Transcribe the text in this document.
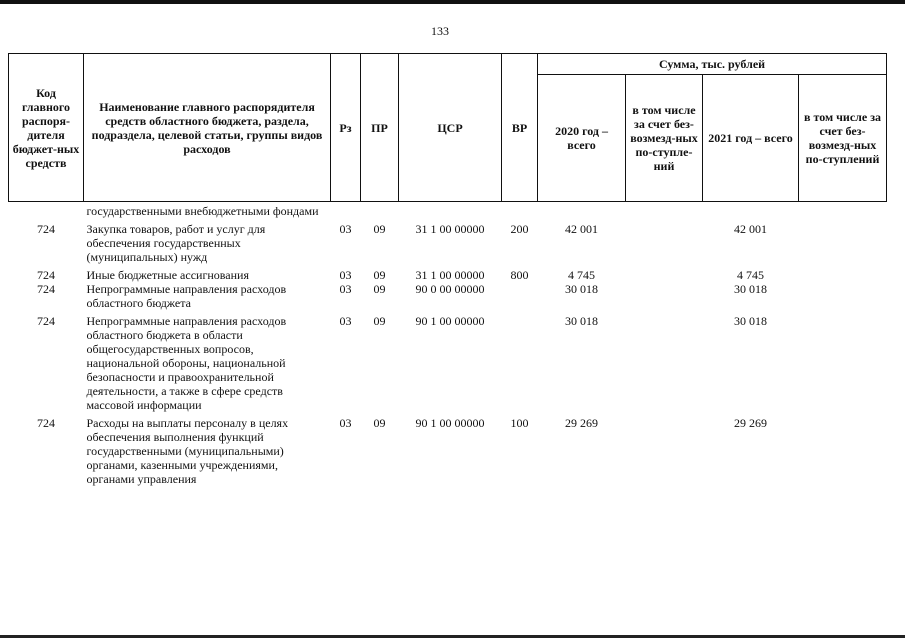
133
Код главного распоря-дителя бюджет-ных средств	Наименование главного распорядителя средств областного бюджета, раздела, подраздела, целевой статьи, группы видов расходов	Рз	ПР	ЦСР	ВР	Сумма, тыс. рублей			
						2020 год – всего	в том числе за счет без-возмезд-ных по-ступле-ний	2021 год – всего	в том числе за счет без-возмезд-ных по-ступлений
	государственными внебюджетными фондами								
724	Закупка товаров, работ и услуг для обеспечения государственных (муниципальных) нужд	03	09	31 1 00 00000	200	42 001		42 001	
724	Иные бюджетные ассигнования	03	09	31 1 00 00000	800	4 745		4 745	
724	Непрограммные направления расходов областного бюджета	03	09	90 0 00 00000		30 018		30 018	
724	Непрограммные направления расходов областного бюджета в области общегосударственных вопросов, национальной обороны, национальной безопасности и правоохранительной деятельности, а также в сфере средств массовой информации	03	09	90 1 00 00000		30 018		30 018	
724	Расходы на выплаты персоналу в целях обеспечения выполнения функций государственными (муниципальными) органами, казенными учреждениями, органами управления	03	09	90 1 00 00000	100	29 269		29 269	
